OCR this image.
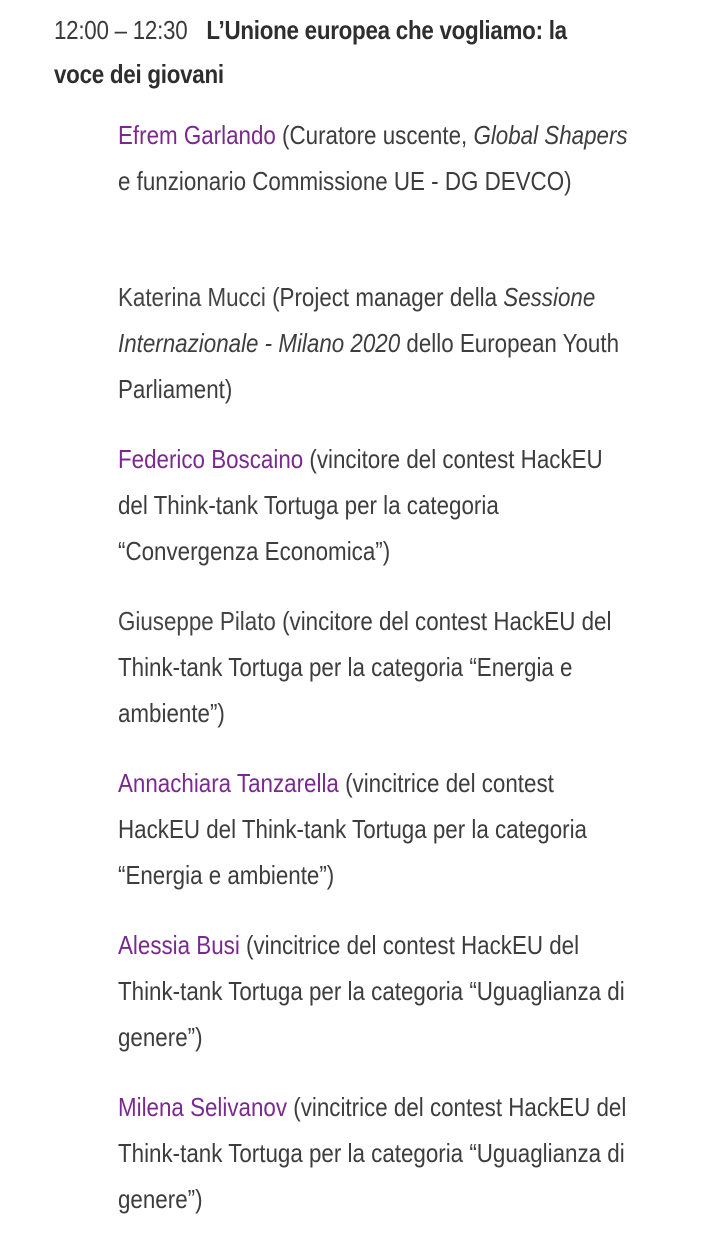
12:00 – 12:30 L’Unione europea che vogliamo: la voce dei giovani
Efrem Garlando (Curatore uscente, Global Shapers e funzionario Commissione UE - DG DEVCO)
Katerina Mucci (Project manager della Sessione Internazionale - Milano 2020 dello European Youth Parliament)
Federico Boscaino (vincitore del contest HackEU del Think-tank Tortuga per la categoria “Convergenza Economica”)
Giuseppe Pilato (vincitore del contest HackEU del Think-tank Tortuga per la categoria “Energia e ambiente”)
Annachiara Tanzarella (vincitrice del contest HackEU del Think-tank Tortuga per la categoria “Energia e ambiente”)
Alessia Busi (vincitrice del contest HackEU del Think-tank Tortuga per la categoria “Uguaglianza di genere”)
Milena Selivanov (vincitrice del contest HackEU del Think-tank Tortuga per la categoria “Uguaglianza di genere”)
